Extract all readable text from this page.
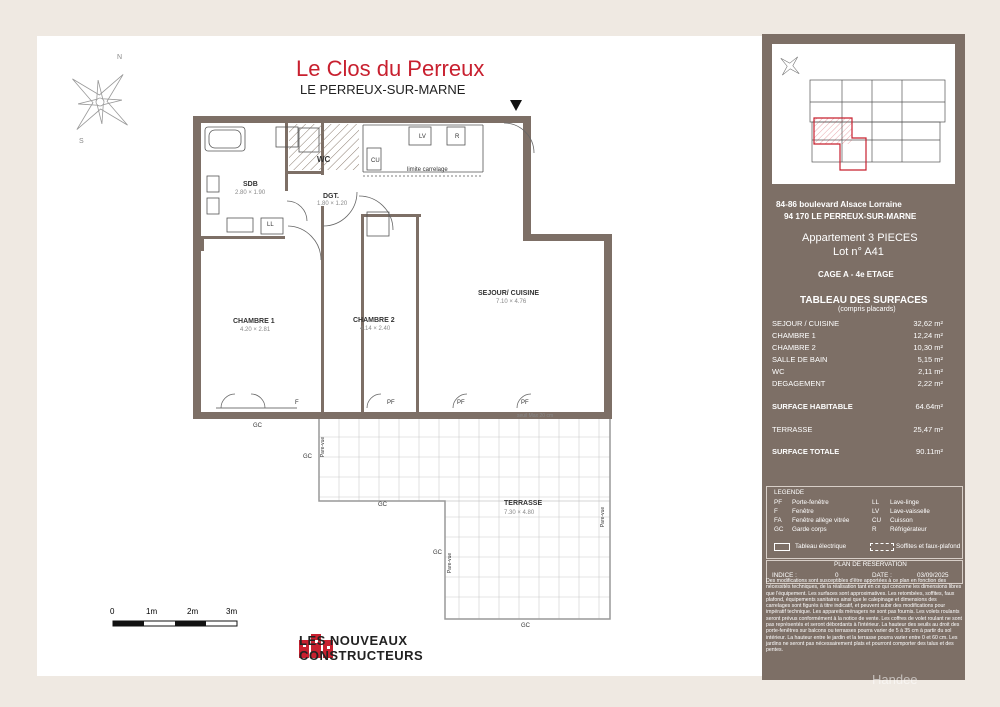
Le Clos du Perreux
LE PERREUX-SUR-MARNE
N
S
WC
SDB
2.80 × 1.90	DGT.
1.80 × 1.20
CHAMBRE 1
4.20 × 2.81
CHAMBRE 2
4.14 × 2.40
SEJOUR/ CUISINE
7.10 × 4.76
TERRASSE
7.30 × 4.80
LV	R
CU
LL
limite carrelage
seuil Max 20 cm
F	PF	PF	PF
GC
GC
GC
GC
GC
Pare-vue
Pare-vue
Pare-vue
0	1m	2m	3m
LES NOUVEAUX
CONSTRUCTEURS
84-86 boulevard Alsace Lorraine
94 170 LE PERREUX-SUR-MARNE
Appartement 3 PIECES
Lot n° A41
CAGE A - 4e ETAGE
TABLEAU DES SURFACES
(compris placards)
SEJOUR / CUISINE	32,62 m²
CHAMBRE 1	12,24 m²
CHAMBRE 2	10,30 m²
SALLE DE BAIN	5,15 m²
WC	2,11 m²
DEGAGEMENT	2,22 m²
SURFACE HABITABLE	64.64m²
TERRASSE	25,47 m²
SURFACE TOTALE	90.11m²
LEGENDE
PF Porte-fenêtre
F Fenêtre
FA Fenêtre allège vitrée
GC Garde corps
LL Lave-linge
LV Lave-vaisselle
CU Cuisson
R Réfrigérateur
Tableau électrique	Soffites et faux-plafond
PLAN DE RESERVATION
INDICE :	0	DATE :	03/09/2025
Des modifications sont susceptibles d'être apportées à ce plan en fonction des nécessités techniques, de la réalisation tant en ce qui concerne les dimensions libres que l'équipement. Les surfaces sont approximatives. Les retombées, soffites, faux plafond, équipements sanitaires ainsi que le calepinage et dimensions des carrelages sont figurés à titre indicatif, et peuvent subir des modifications pour impératif technique. Les appareils ménagers ne sont pas fournis. Les volets roulants seront prévus conformément à la notice de vente. Les coffres de volet roulant ne sont pas représentés et seront débordants à l'intérieur. La hauteur des seuils au droit des porte-fenêtres sur balcons ou terrasses pourra varier de 5 à 35 cm à partir du sol intérieur. La hauteur entre le jardin et la terrasse pourra varier entre 0 et 60 cm. Les jardins ne seront pas nécessairement plats et pourront comporter des talus et des pentes.
Handee
